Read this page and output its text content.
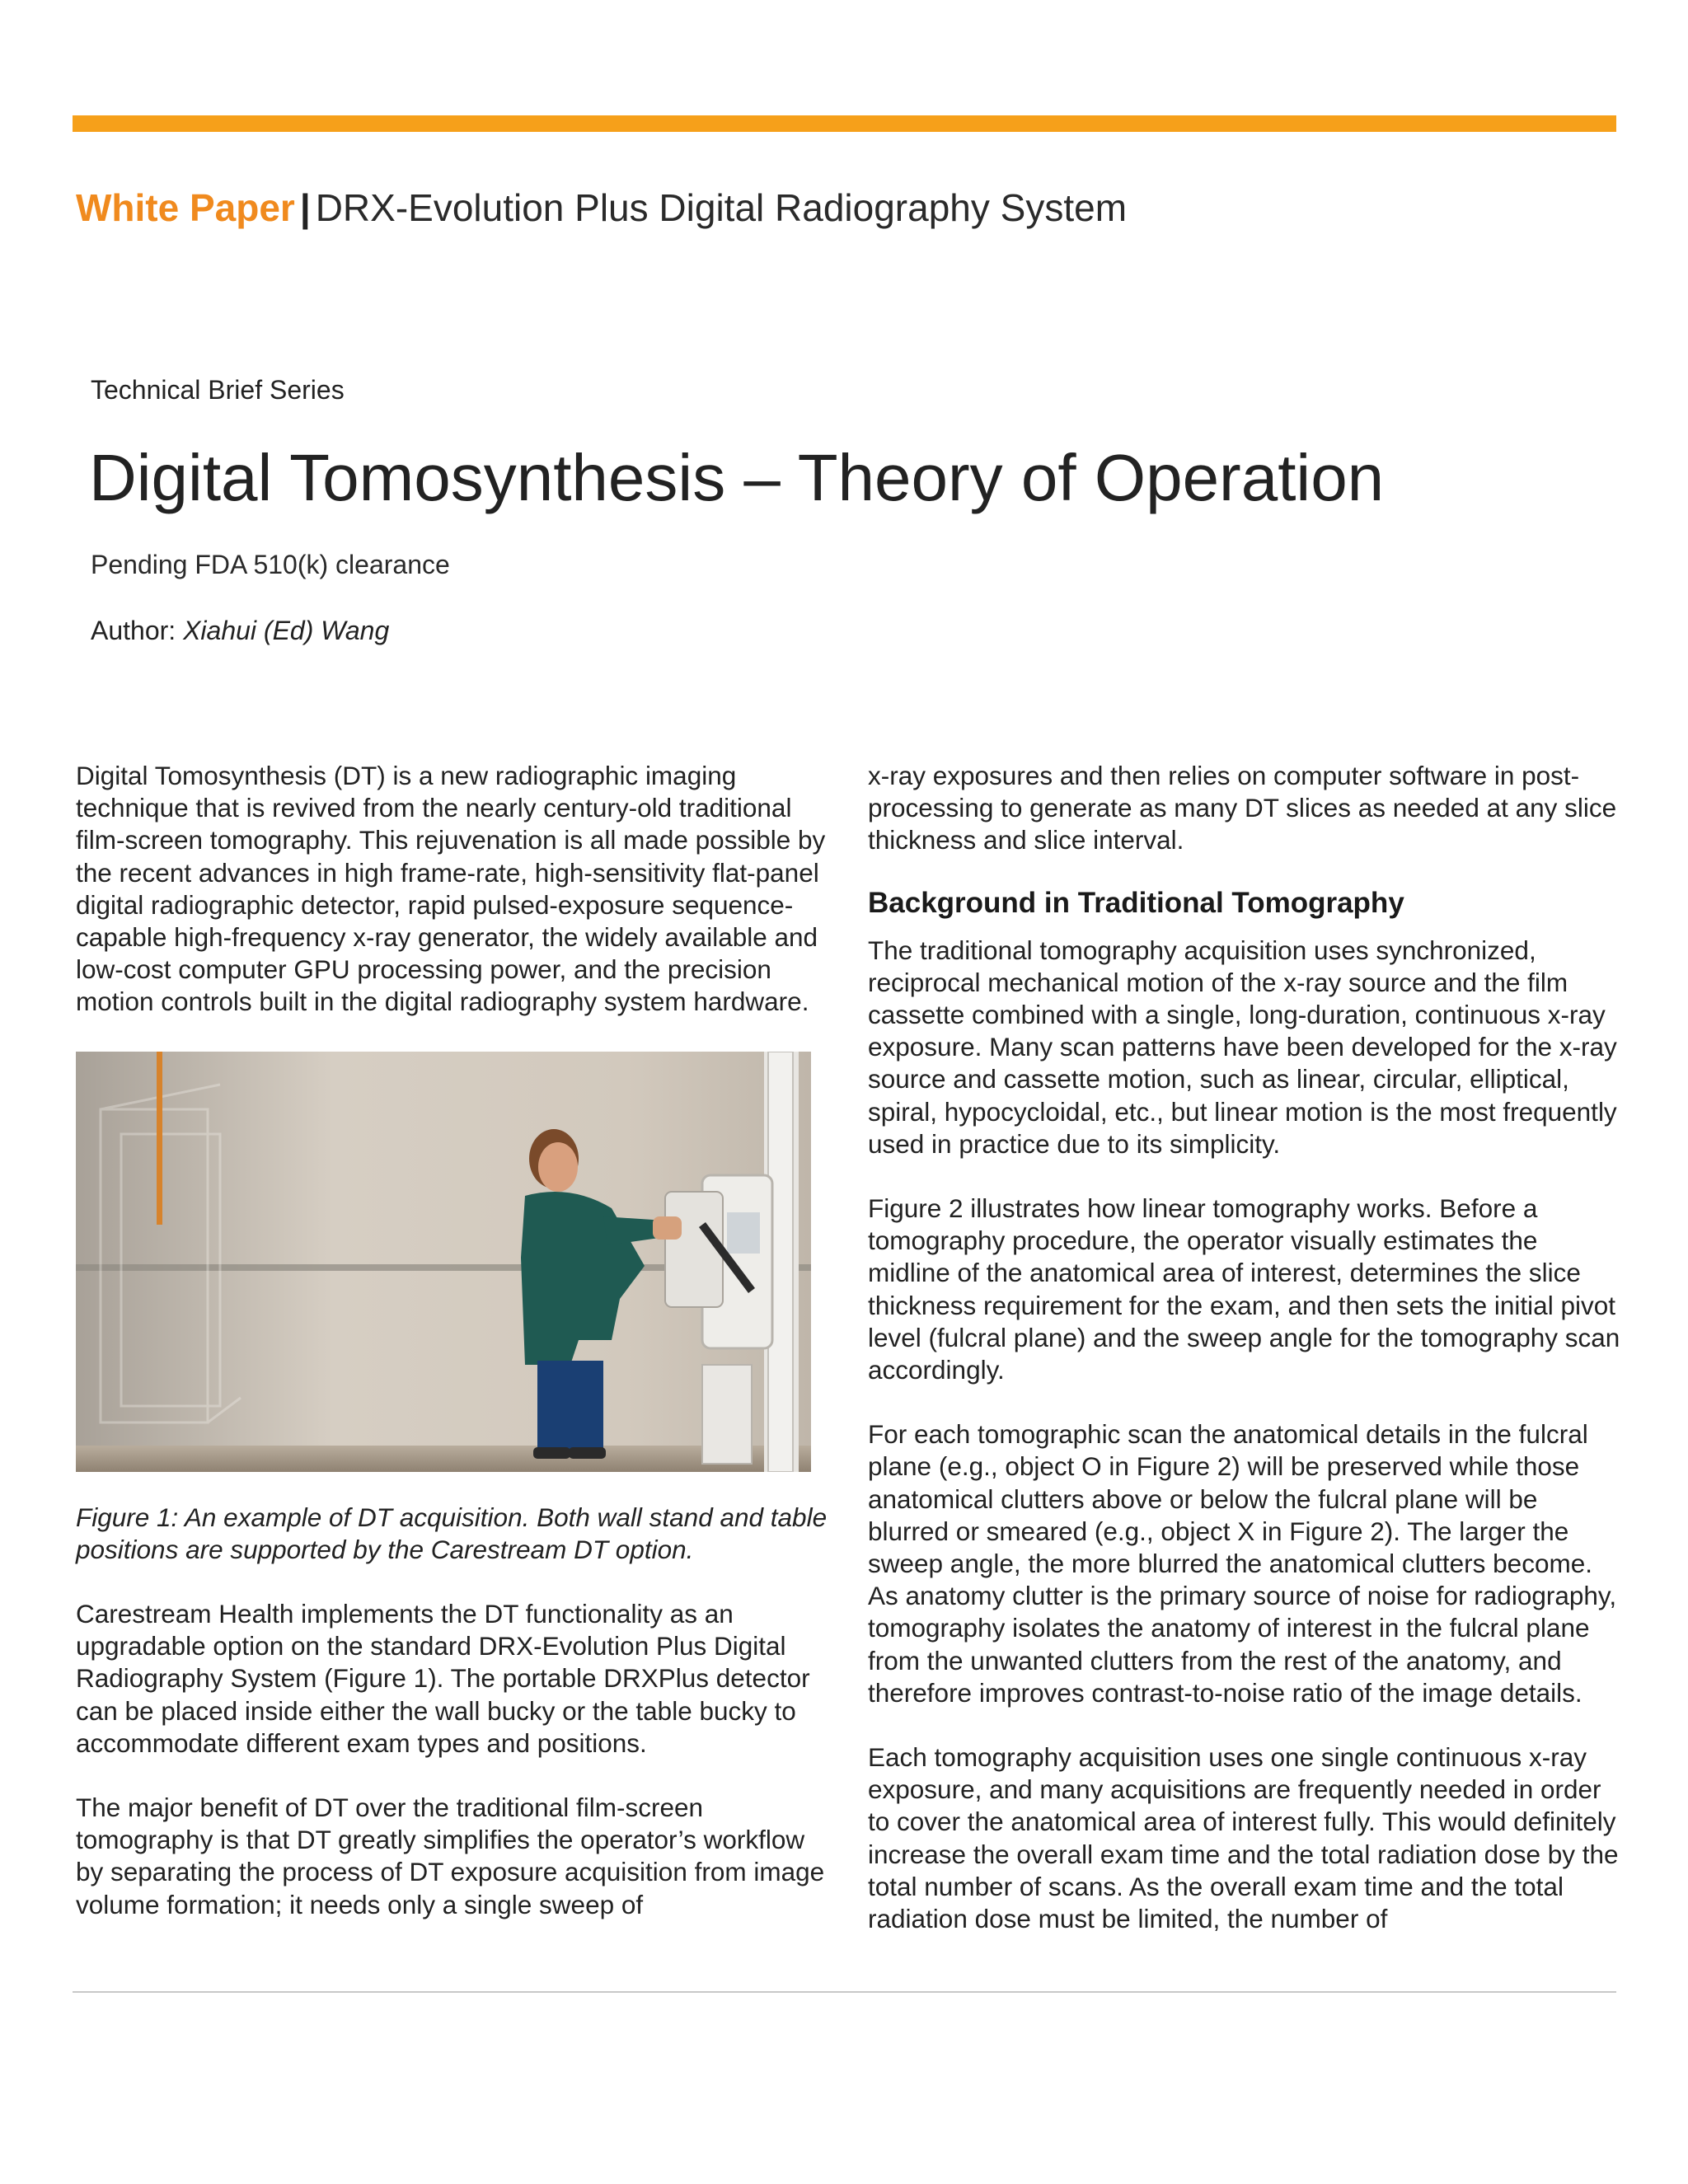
White Paper | DRX-Evolution Plus Digital Radiography System
Technical Brief Series
Digital Tomosynthesis – Theory of Operation
Pending FDA 510(k) clearance
Author: Xiahui (Ed) Wang

Digital Tomosynthesis (DT) is a new radiographic imaging technique that is revived from the nearly century-old traditional film-screen tomography. This rejuvenation is all made possible by the recent advances in high frame-rate, high-sensitivity flat-panel digital radiographic detector, rapid pulsed-exposure sequence-capable high-frequency x-ray generator, the widely available and low-cost computer GPU processing power, and the precision motion controls built in the digital radiography system hardware.

Figure 1: An example of DT acquisition. Both wall stand and table positions are supported by the Carestream DT option.

Carestream Health implements the DT functionality as an upgradable option on the standard DRX-Evolution Plus Digital Radiography System (Figure 1). The portable DRXPlus detector can be placed inside either the wall bucky or the table bucky to accommodate different exam types and positions.

The major benefit of DT over the traditional film-screen tomography is that DT greatly simplifies the operator’s workflow by separating the process of DT exposure acquisition from image volume formation; it needs only a single sweep of

x-ray exposures and then relies on computer software in post-processing to generate as many DT slices as needed at any slice thickness and slice interval.

Background in Traditional Tomography

The traditional tomography acquisition uses synchronized, reciprocal mechanical motion of the x-ray source and the film cassette combined with a single, long-duration, continuous x-ray exposure. Many scan patterns have been developed for the x-ray source and cassette motion, such as linear, circular, elliptical, spiral, hypocycloidal, etc., but linear motion is the most frequently used in practice due to its simplicity.

Figure 2 illustrates how linear tomography works. Before a tomography procedure, the operator visually estimates the midline of the anatomical area of interest, determines the slice thickness requirement for the exam, and then sets the initial pivot level (fulcral plane) and the sweep angle for the tomography scan accordingly.

For each tomographic scan the anatomical details in the fulcral plane (e.g., object O in Figure 2) will be preserved while those anatomical clutters above or below the fulcral plane will be blurred or smeared (e.g., object X in Figure 2). The larger the sweep angle, the more blurred the anatomical clutters become. As anatomy clutter is the primary source of noise for radiography, tomography isolates the anatomy of interest in the fulcral plane from the unwanted clutters from the rest of the anatomy, and therefore improves contrast-to-noise ratio of the image details.

Each tomography acquisition uses one single continuous x-ray exposure, and many acquisitions are frequently needed in order to cover the anatomical area of interest fully. This would definitely increase the overall exam time and the total radiation dose by the total number of scans. As the overall exam time and the total radiation dose must be limited, the number of
